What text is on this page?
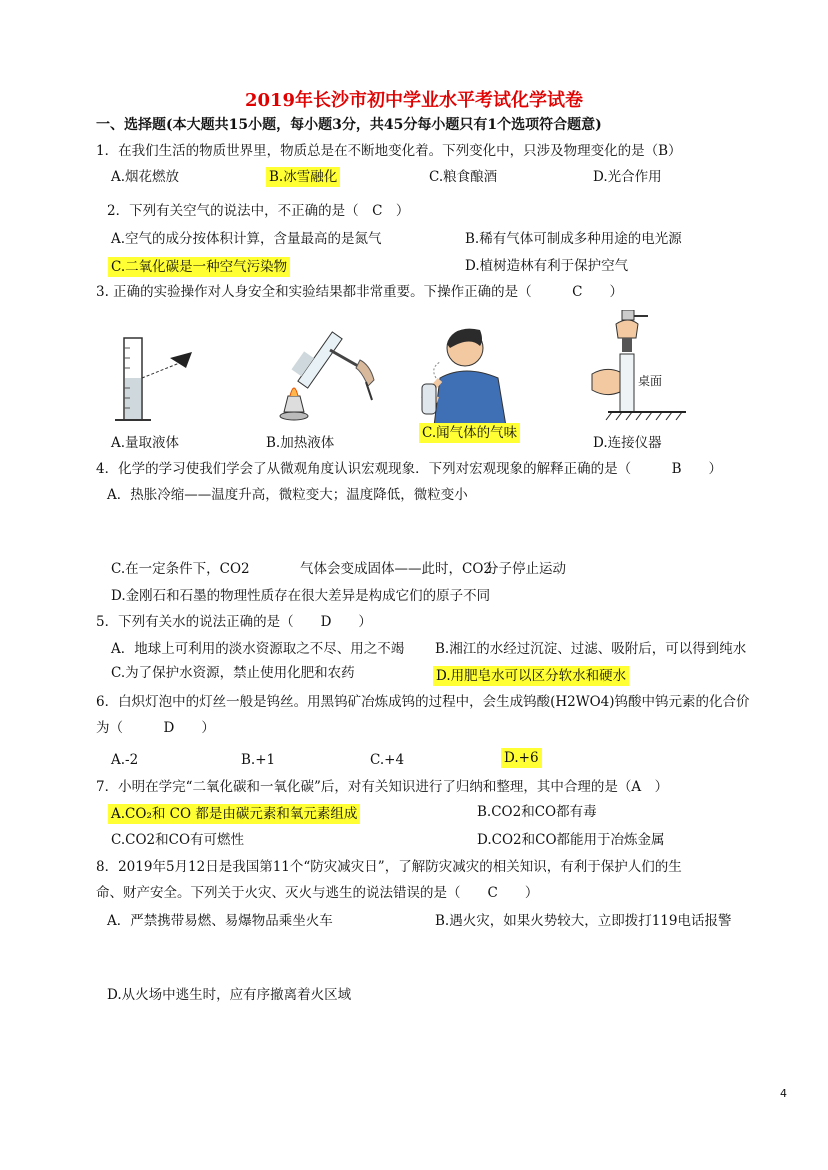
2019年长沙市初中学业水平考试化学试卷
一、选择题(本大题共15小题，每小题3分，共45分每小题只有1个选项符合题意)
1．在我们生活的物质世界里，物质总是在不断地变化着。下列变化中，只涉及物理变化的是（B）
A.烟花燃放	B.冰雪融化	C.粮食酿酒	D.光合作用
2．下列有关空气的说法中，不正确的是（　C　）
A.空气的成分按体积计算，含量最高的是氮气	B.稀有气体可制成多种用途的电光源
C.二氧化碳是一种空气污染物	D.植树造林有利于保护空气
3. 正确的实验操作对人身安全和实验结果都非常重要。下操作正确的是（　　　C　　）
桌面
A.量取液体	B.加热液体
C.闻气体的气味
D.连接仪器
4．化学的学习使我们学会了从微观角度认识宏观现象．下列对宏观现象的解释正确的是（　　　B　　）
A．热胀冷缩——温度升高，微粒变大；温度降低，微粒变小
C.在一定条件下，CO2	气体会变成固体——此时，CO2
分子停止运动
D.金刚石和石墨的物理性质存在很大差异是构成它们的原子不同
5．下列有关水的说法正确的是（　　D　　）
A．地球上可利用的淡水资源取之不尽、用之不竭 B.湘江的水经过沉淀、过滤、吸附后，可以得到纯水
C.为了保护水资源，禁止使用化肥和农药	D.用肥皂水可以区分软水和硬水
6．白炽灯泡中的灯丝一般是钨丝。用黑钨矿冶炼成钨的过程中，会生成钨酸(H2WO4)钨酸中钨元素的化合价
为（　　　D　　）
A.-2	B.+1	C.+4	D.+6
7．小明在学完“二氧化碳和一氧化碳”后，对有关知识进行了归纳和整理，其中合理的是（A　）
A.CO₂和 CO 都是由碳元素和氧元素组成	B.CO2和CO都有毒
C.CO2和CO有可燃性	D.CO2和CO都能用于冶炼金属
8．2019年5月12日是我国第11个“防灾减灾日”，了解防灾减灾的相关知识，有利于保护人们的生
命、财产安全。下列关于火灾、灭火与逃生的说法错误的是（　　C　　）
A．严禁携带易燃、易爆物品乘坐火车	B.遇火灾，如果火势较大，立即拨打119电话报警
D.从火场中逃生时，应有序撤离着火区域
4
